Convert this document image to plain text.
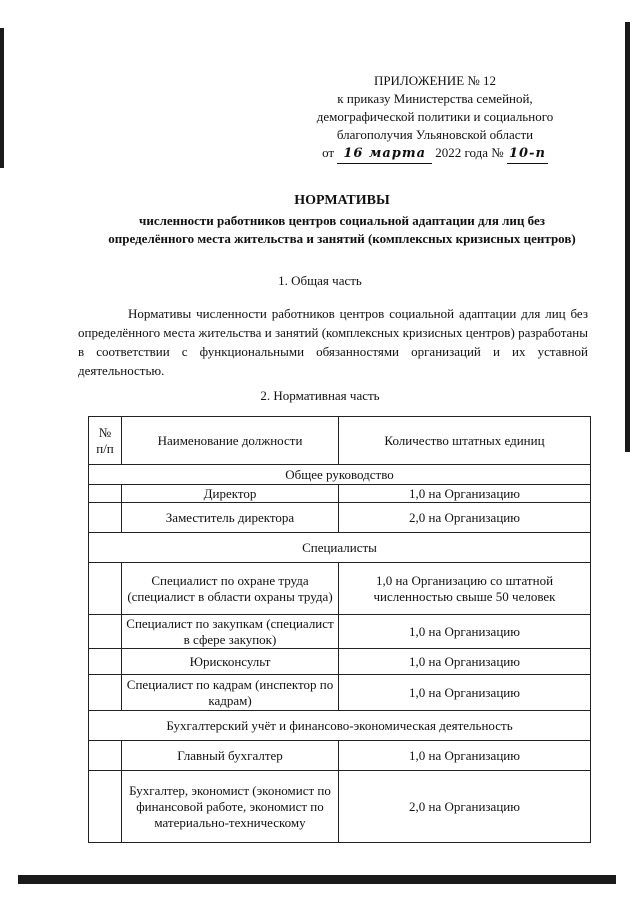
ПРИЛОЖЕНИЕ № 12
к приказу Министерства семейной,
демографической политики и социального
благополучия Ульяновской области
от 16 марта 2022 года № 10-п
НОРМАТИВЫ
численности работников центров социальной адаптации для лиц без определённого места жительства и занятий (комплексных кризисных центров)
1. Общая часть
Нормативы численности работников центров социальной адаптации для лиц без определённого места жительства и занятий (комплексных кризисных центров) разработаны в соответствии с функциональными обязанностями организаций и их уставной деятельностью.
2. Нормативная часть
№ п/п	Наименование должности	Количество штатных единиц
Общее руководство		
	Директор	1,0 на Организацию
	Заместитель директора	2,0 на Организацию
Специалисты		
	Специалист по охране труда (специалист в области охраны труда)	1,0 на Организацию со штатной численностью свыше 50 человек
	Специалист по закупкам (специалист в сфере закупок)	1,0 на Организацию
	Юрисконсульт	1,0 на Организацию
	Специалист по кадрам (инспектор по кадрам)	1,0 на Организацию
Бухгалтерский учёт и финансово-экономическая деятельность		
	Главный бухгалтер	1,0 на Организацию
	Бухгалтер, экономист (экономист по финансовой работе, экономист по материально-техническому	2,0 на Организацию
